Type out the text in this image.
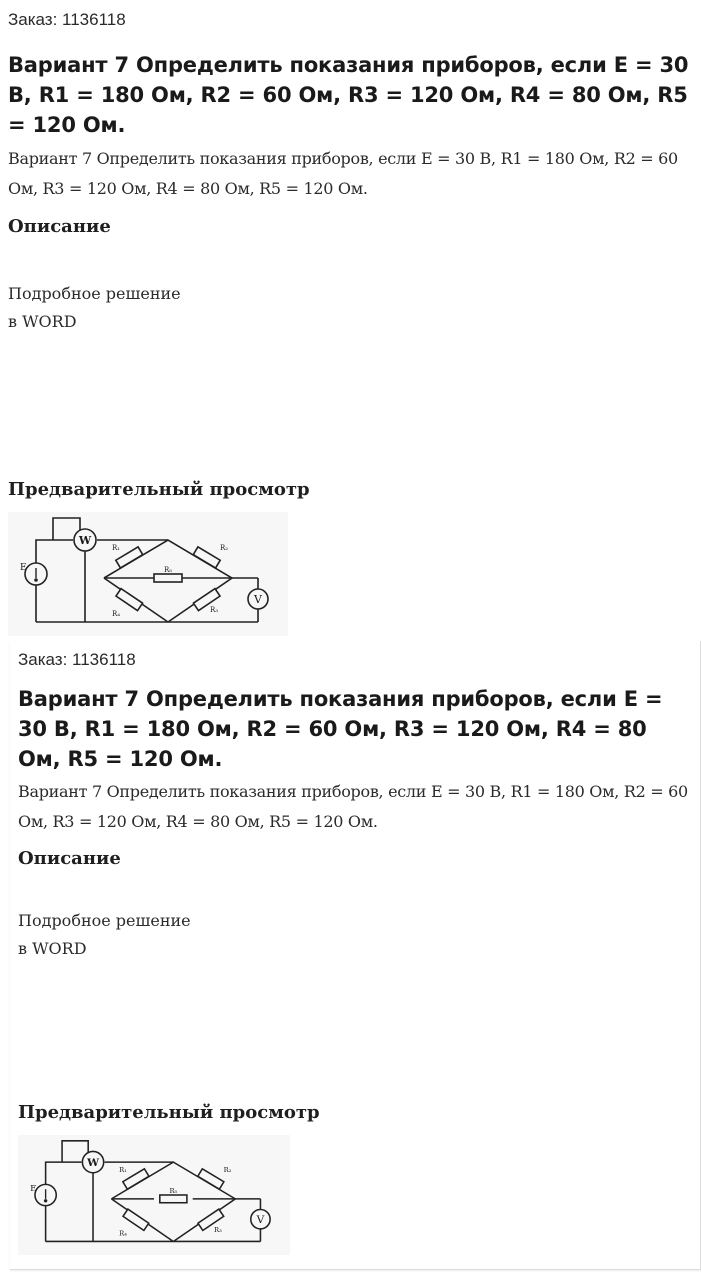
Заказ: 1136118
Вариант 7 Определить показания приборов, если E = 30 В, R1 = 180 Ом, R2 = 60 Ом, R3 = 120 Ом, R4 = 80 Ом, R5 = 120 Ом.

Вариант 7 Определить показания приборов, если E = 30 В, R1 = 180 Ом, R2 = 60 Ом, R3 = 120 Ом, R4 = 80 Ом, R5 = 120 Ом.

Описание

Подробное решение

в WORD

Предварительный просмотр
E
W
V
R₁	R₂
R₅
R₄	R₃
Заказ: 1136118
Вариант 7 Определить показания приборов, если E = 30 В, R1 = 180 Ом, R2 = 60 Ом, R3 = 120 Ом, R4 = 80 Ом, R5 = 120 Ом.

Вариант 7 Определить показания приборов, если E = 30 В, R1 = 180 Ом, R2 = 60 Ом, R3 = 120 Ом, R4 = 80 Ом, R5 = 120 Ом.

Описание

Подробное решение

в WORD

Предварительный просмотр
E
W
V
R₁	R₂
R₅
R₄	R₃
